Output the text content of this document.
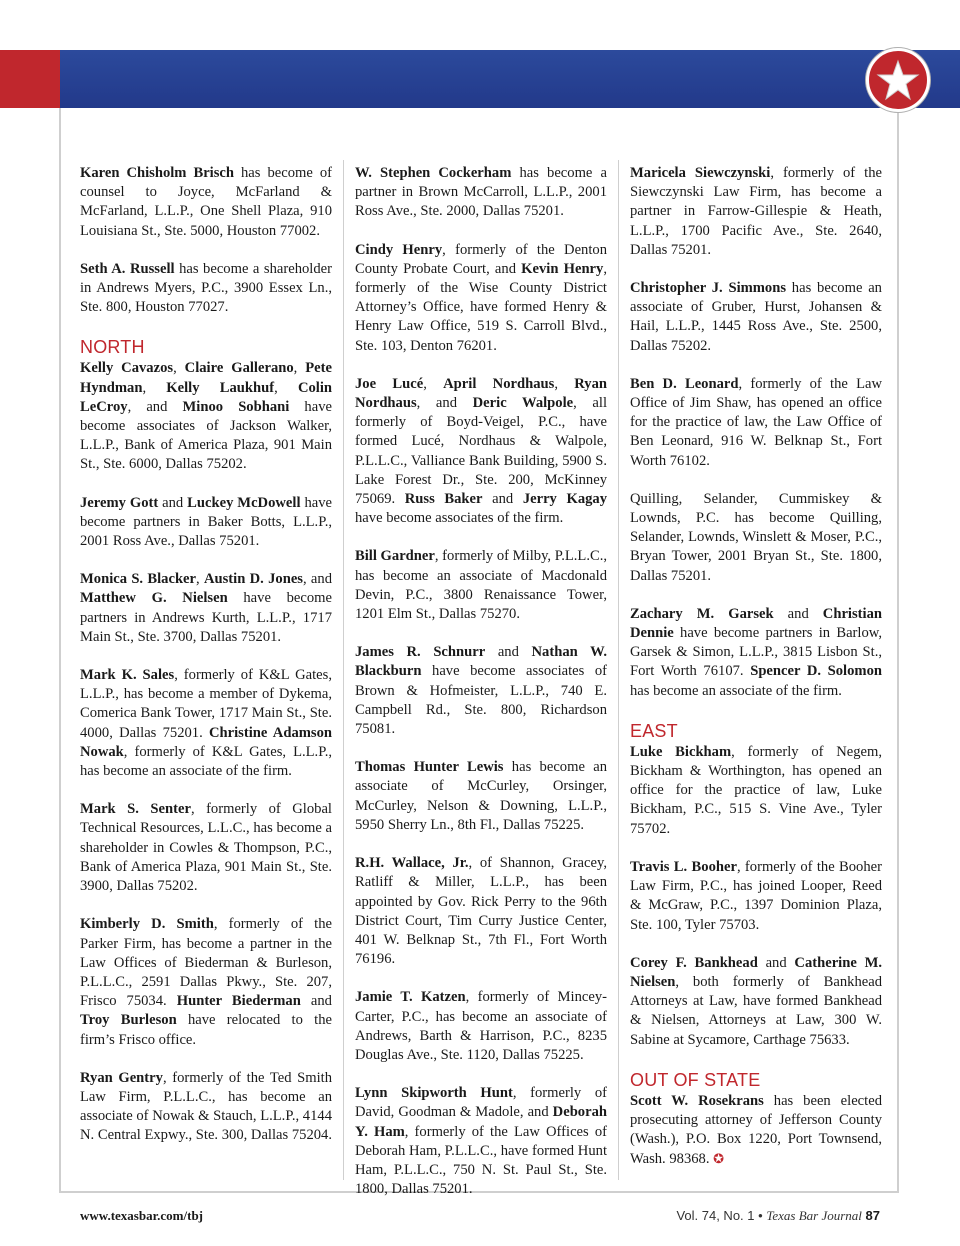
Karen Chisholm Brisch has become of counsel to Joyce, McFarland & McFarland, L.L.P., One Shell Plaza, 910 Louisiana St., Ste. 5000, Houston 77002.

Seth A. Russell has become a shareholder in Andrews Myers, P.C., 3900 Essex Ln., Ste. 800, Houston 77027.

NORTH

Kelly Cavazos, Claire Gallerano, Pete Hyndman, Kelly Laukhuf, Colin LeCroy, and Minoo Sobhani have become associates of Jackson Walker, L.L.P., Bank of America Plaza, 901 Main St., Ste. 6000, Dallas 75202.

Jeremy Gott and Luckey McDowell have become partners in Baker Botts, L.L.P., 2001 Ross Ave., Dallas 75201.

Monica S. Blacker, Austin D. Jones, and Matthew G. Nielsen have become partners in Andrews Kurth, L.L.P., 1717 Main St., Ste. 3700, Dallas 75201.

Mark K. Sales, formerly of K&L Gates, L.L.P., has become a member of Dykema, Comerica Bank Tower, 1717 Main St., Ste. 4000, Dallas 75201. Christine Adamson Nowak, formerly of K&L Gates, L.L.P., has become an associate of the firm.

Mark S. Senter, formerly of Global Technical Resources, L.L.C., has become a shareholder in Cowles & Thompson, P.C., Bank of America Plaza, 901 Main St., Ste. 3900, Dallas 75202.

Kimberly D. Smith, formerly of the Parker Firm, has become a partner in the Law Offices of Biederman & Burleson, P.L.L.C., 2591 Dallas Pkwy., Ste. 207, Frisco 75034. Hunter Biederman and Troy Burleson have relocated to the firm’s Frisco office.

Ryan Gentry, formerly of the Ted Smith Law Firm, P.L.L.C., has become an associate of Nowak & Stauch, L.L.P., 4144 N. Central Expwy., Ste. 300, Dallas 75204.

W. Stephen Cockerham has become a partner in Brown McCarroll, L.L.P., 2001 Ross Ave., Ste. 2000, Dallas 75201.

Cindy Henry, formerly of the Denton County Probate Court, and Kevin Henry, formerly of the Wise County District Attorney’s Office, have formed Henry & Henry Law Office, 519 S. Carroll Blvd., Ste. 103, Denton 76201.

Joe Lucé, April Nordhaus, Ryan Nordhaus, and Deric Walpole, all formerly of Boyd-Veigel, P.C., have formed Lucé, Nordhaus & Walpole, P.L.L.C., Valliance Bank Building, 5900 S. Lake Forest Dr., Ste. 200, McKinney 75069. Russ Baker and Jerry Kagay have become associates of the firm.

Bill Gardner, formerly of Milby, P.L.L.C., has become an associate of Macdonald Devin, P.C., 3800 Renaissance Tower, 1201 Elm St., Dallas 75270.

James R. Schnurr and Nathan W. Blackburn have become associates of Brown & Hofmeister, L.L.P., 740 E. Campbell Rd., Ste. 800, Richardson 75081.

Thomas Hunter Lewis has become an associate of McCurley, Orsinger, McCurley, Nelson & Downing, L.L.P., 5950 Sherry Ln., 8th Fl., Dallas 75225.

R.H. Wallace, Jr., of Shannon, Gracey, Ratliff & Miller, L.L.P., has been appointed by Gov. Rick Perry to the 96th District Court, Tim Curry Justice Center, 401 W. Belknap St., 7th Fl., Fort Worth 76196.

Jamie T. Katzen, formerly of Mincey-Carter, P.C., has become an associate of Andrews, Barth & Harrison, P.C., 8235 Douglas Ave., Ste. 1120, Dallas 75225.

Lynn Skipworth Hunt, formerly of David, Goodman & Madole, and Deborah Y. Ham, formerly of the Law Offices of Deborah Ham, P.L.L.C., have formed Hunt Ham, P.L.L.C., 750 N. St. Paul St., Ste. 1800, Dallas 75201.

Maricela Siewczynski, formerly of the Siewczynski Law Firm, has become a partner in Farrow-Gillespie & Heath, L.L.P., 1700 Pacific Ave., Ste. 2640, Dallas 75201.

Christopher J. Simmons has become an associate of Gruber, Hurst, Johansen & Hail, L.L.P., 1445 Ross Ave., Ste. 2500, Dallas 75202.

Ben D. Leonard, formerly of the Law Office of Jim Shaw, has opened an office for the practice of law, the Law Office of Ben Leonard, 916 W. Belknap St., Fort Worth 76102.

Quilling, Selander, Cummiskey & Lownds, P.C. has become Quilling, Selander, Lownds, Winslett & Moser, P.C., Bryan Tower, 2001 Bryan St., Ste. 1800, Dallas 75201.

Zachary M. Garsek and Christian Dennie have become partners in Barlow, Garsek & Simon, L.L.P., 3815 Lisbon St., Fort Worth 76107. Spencer D. Solomon has become an associate of the firm.

EAST

Luke Bickham, formerly of Negem, Bickham & Worthington, has opened an office for the practice of law, Luke Bickham, P.C., 515 S. Vine Ave., Tyler 75702.

Travis L. Booher, formerly of the Booher Law Firm, P.C., has joined Looper, Reed & McGraw, P.C., 1397 Dominion Plaza, Ste. 100, Tyler 75703.

Corey F. Bankhead and Catherine M. Nielsen, both formerly of Bankhead Attorneys at Law, have formed Bankhead & Nielsen, Attorneys at Law, 300 W. Sabine at Sycamore, Carthage 75633.

OUT OF STATE

Scott W. Rosekrans has been elected prosecuting attorney of Jefferson County (Wash.), P.O. Box 1220, Port Townsend, Wash. 98368. ✪

www.texasbar.com/tbj	Vol. 74, No. 1 • Texas Bar Journal 87
